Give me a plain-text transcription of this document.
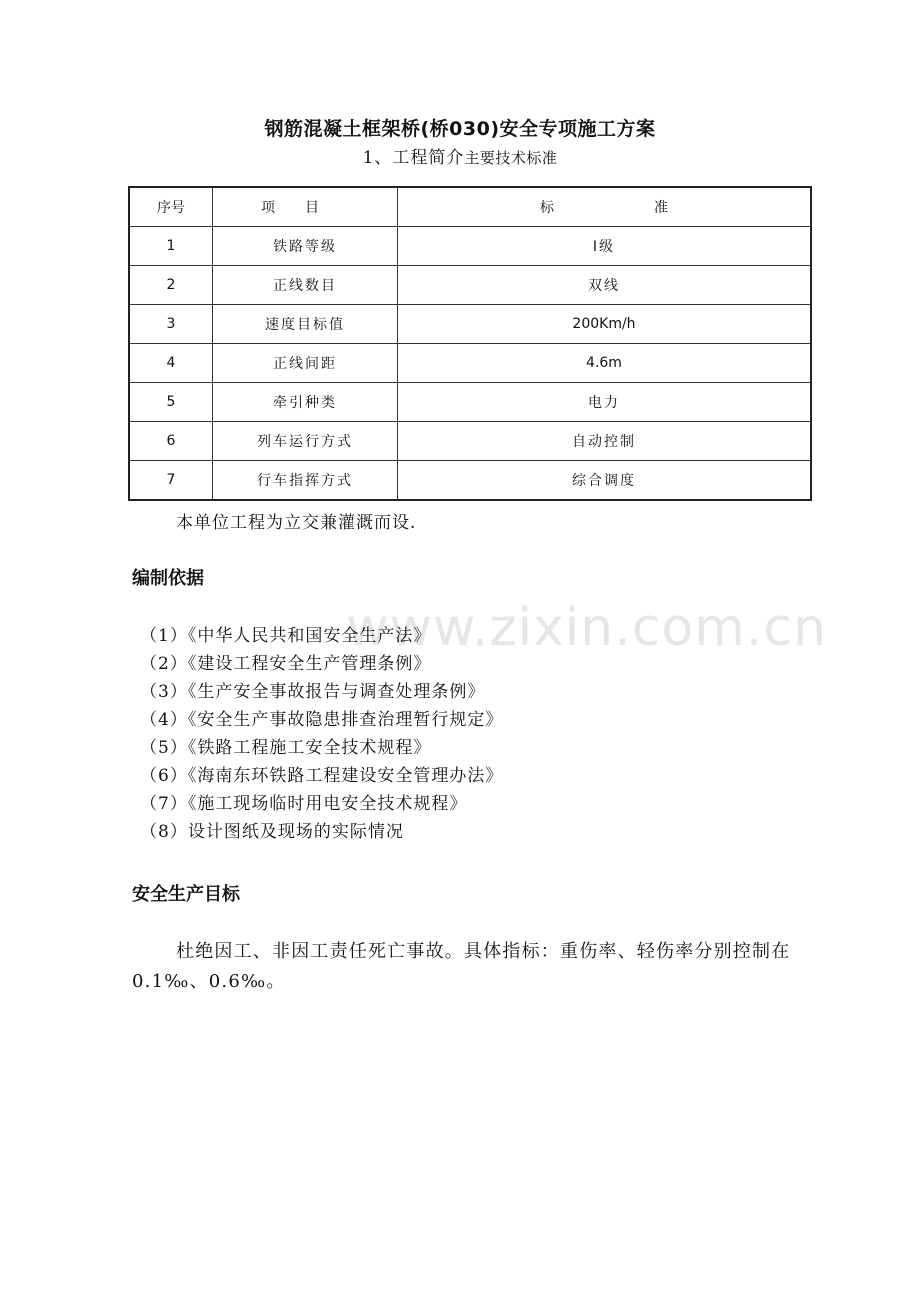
www.zixin.com.cn
钢筋混凝土框架桥(桥030)安全专项施工方案
1、工程简介主要技术标准
序号	项目	标准
1	铁路等级	Ⅰ级
2	正线数目	双线
3	速度目标值	200Km/h
4	正线间距	4.6m
5	牵引种类	电力
6	列车运行方式	自动控制
7	行车指挥方式	综合调度
本单位工程为立交兼灌溉而设.
编制依据
（1）《中华人民共和国安全生产法》
（2）《建设工程安全生产管理条例》
（3）《生产安全事故报告与调查处理条例》
（4）《安全生产事故隐患排查治理暂行规定》
（5）《铁路工程施工安全技术规程》
（6）《海南东环铁路工程建设安全管理办法》
（7）《施工现场临时用电安全技术规程》
（8）设计图纸及现场的实际情况
安全生产目标

杜绝因工、非因工责任死亡事故。具体指标：重伤率、轻伤率分别控制在 0.1‰、0.6‰。
